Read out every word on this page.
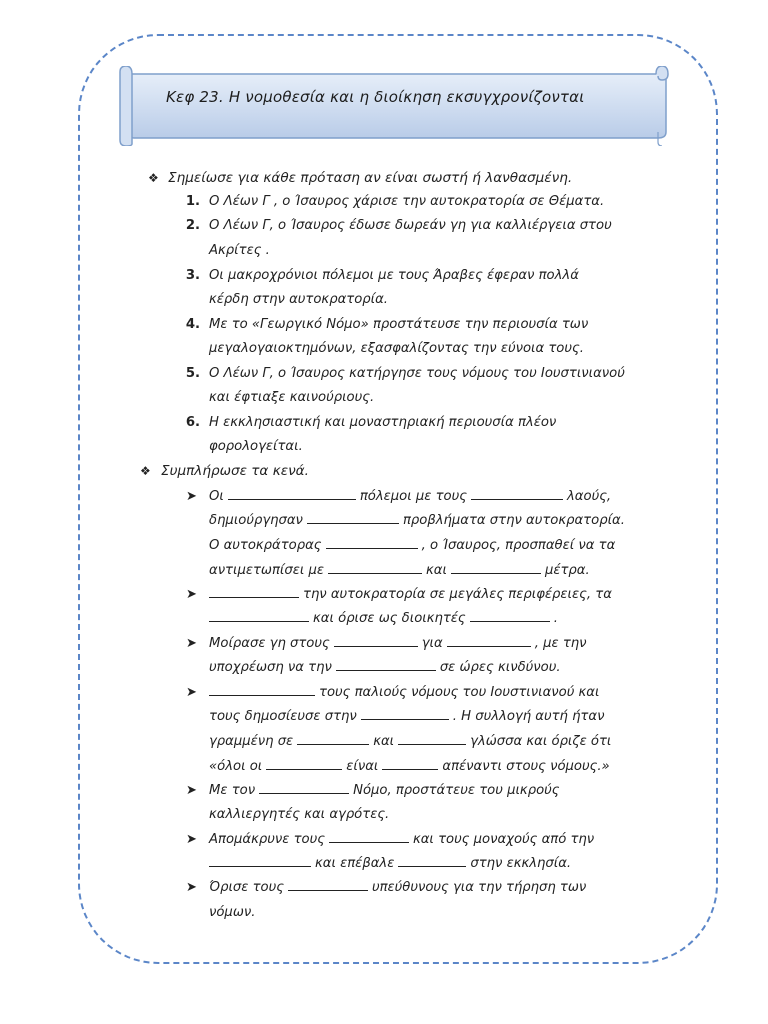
Κεφ 23. Η νομοθεσία και η διοίκηση εκσυγχρονίζονται
❖ Σημείωσε για κάθε πρόταση αν είναι σωστή ή λανθασμένη.
1. Ο Λέων Γ , ο Ίσαυρος χάρισε την αυτοκρατορία σε Θέματα.
2. Ο Λέων Γ, ο Ίσαυρος έδωσε δωρεάν γη για καλλιέργεια στου
Ακρίτες .
3. Οι μακροχρόνιοι πόλεμοι με τους Άραβες έφεραν πολλά
κέρδη στην αυτοκρατορία.
4. Με το «Γεωργικό Νόμο» προστάτευσε την περιουσία των
μεγαλογαιοκτημόνων, εξασφαλίζοντας την εύνοια τους.
5. Ο Λέων Γ, ο Ίσαυρος κατήργησε τους νόμους του Ιουστινιανού
και έφτιαξε καινούριους.
6. Η εκκλησιαστική και μοναστηριακή περιουσία πλέον
φορολογείται.
❖ Συμπλήρωσε τα κενά.
➤ Οι	πόλεμοι με τους	λαούς,
δημιούργησαν	προβλήματα στην αυτοκρατορία.
Ο αυτοκράτορας	, ο Ίσαυρος, προσπαθεί να τα
αντιμετωπίσει με	και	μέτρα.
➤	την αυτοκρατορία σε μεγάλες περιφέρειες, τα
και όρισε ως διοικητές	.
➤ Μοίρασε γη στους	για	, με την
υποχρέωση να την	σε ώρες κινδύνου.
➤	τους παλιούς νόμους του Ιουστινιανού και
τους δημοσίευσε στην	. Η συλλογή αυτή ήταν
γραμμένη σε	και	γλώσσα και όριζε ότι
«όλοι οι	είναι	απέναντι στους νόμους.»
➤ Με τον	Νόμο, προστάτευε του μικρούς
καλλιεργητές και αγρότες.
➤ Απομάκρυνε τους	και τους μοναχούς από την
και επέβαλε	στην εκκλησία.
➤ Όρισε τους	υπεύθυνους για την τήρηση των
νόμων.
